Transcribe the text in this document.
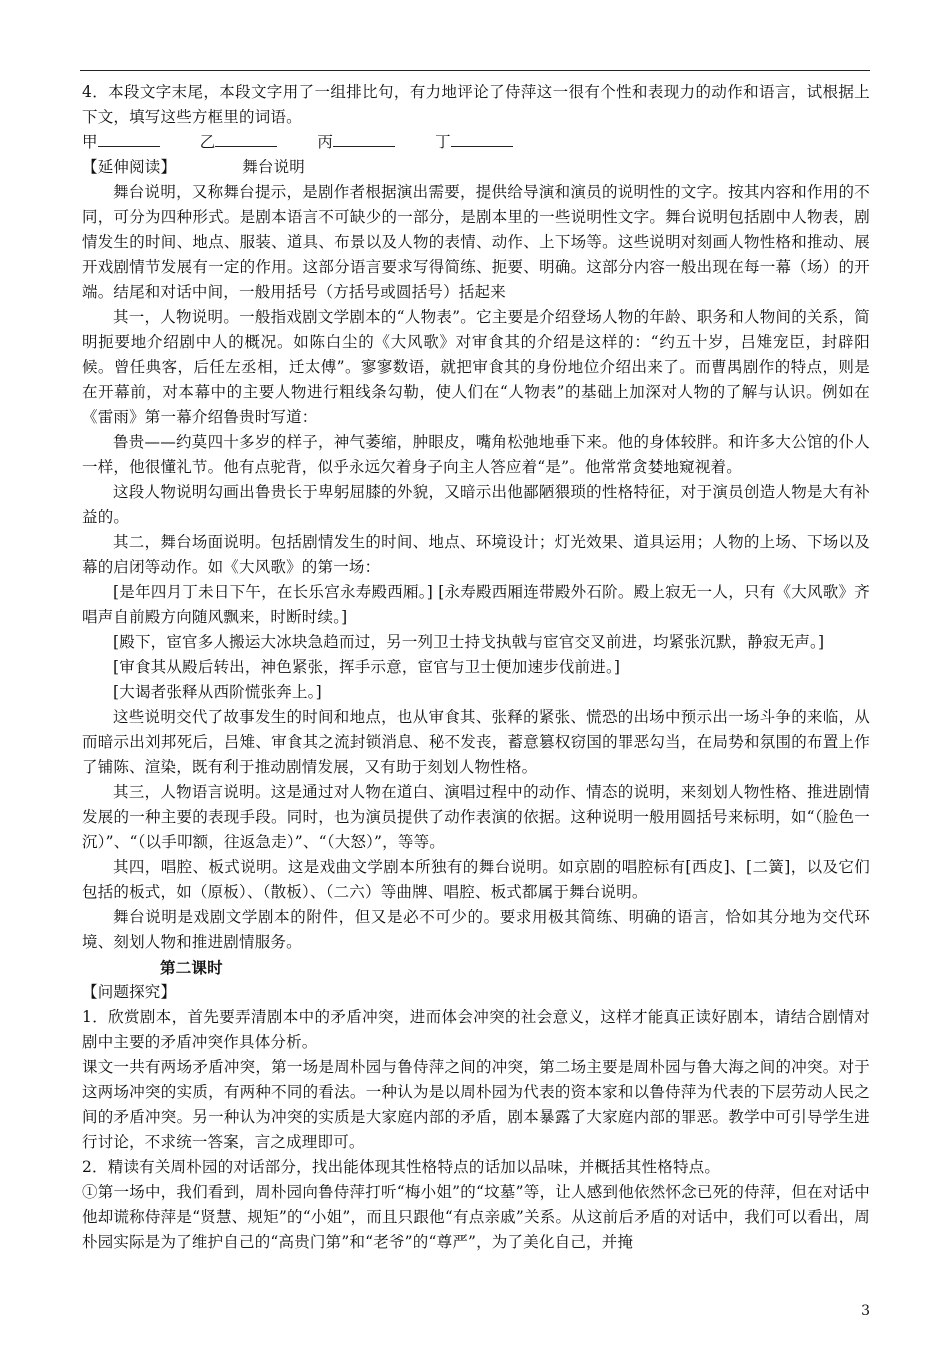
4．本段文字末尾，本段文字用了一组排比句，有力地评论了侍萍这一很有个性和表现力的动作和语言，试根据上下文，填写这些方框里的词语。

甲	乙	丙	丁

【延伸阅读】	舞台说明

舞台说明，又称舞台提示，是剧作者根据演出需要，提供给导演和演员的说明性的文字。按其内容和作用的不同，可分为四种形式。是剧本语言不可缺少的一部分，是剧本里的一些说明性文字。舞台说明包括剧中人物表，剧情发生的时间、地点、服装、道具、布景以及人物的表情、动作、上下场等。这些说明对刻画人物性格和推动、展开戏剧情节发展有一定的作用。这部分语言要求写得简练、扼要、明确。这部分内容一般出现在每一幕（场）的开端。结尾和对话中间，一般用括号（方括号或圆括号）括起来

其一，人物说明。一般指戏剧文学剧本的“人物表”。它主要是介绍登场人物的年龄、职务和人物间的关系，简明扼要地介绍剧中人的概况。如陈白尘的《大风歌》对审食其的介绍是这样的：“约五十岁，吕雉宠臣，封辟阳候。曾任典客，后任左丞相，迁太傅”。寥寥数语，就把审食其的身份地位介绍出来了。而曹禺剧作的特点，则是在开幕前，对本幕中的主要人物进行粗线条勾勒，使人们在“人物表”的基础上加深对人物的了解与认识。例如在《雷雨》第一幕介绍鲁贵时写道：

鲁贵——约莫四十多岁的样子，神气萎缩，肿眼皮，嘴角松弛地垂下来。他的身体较胖。和许多大公馆的仆人一样，他很懂礼节。他有点驼背，似乎永远欠着身子向主人答应着“是”。他常常贪婪地窥视着。

这段人物说明勾画出鲁贵长于卑躬屈膝的外貌，又暗示出他鄙陋猥琐的性格特征，对于演员创造人物是大有补益的。

其二，舞台场面说明。包括剧情发生的时间、地点、环境设计；灯光效果、道具运用；人物的上场、下场以及幕的启闭等动作。如《大风歌》的第一场：

[是年四月丁未日下午，在长乐宫永寿殿西厢。] [永寿殿西厢连带殿外石阶。殿上寂无一人，只有《大风歌》齐唱声自前殿方向随风飘来，时断时续。]

[殿下，宦官多人搬运大冰块急趋而过，另一列卫士持戈执戟与宦官交叉前进，均紧张沉默，静寂无声。]

[审食其从殿后转出，神色紧张，挥手示意，宦官与卫士便加速步伐前进。]

[大谒者张释从西阶慌张奔上。]

这些说明交代了故事发生的时间和地点，也从审食其、张释的紧张、慌恐的出场中预示出一场斗争的来临，从而暗示出刘邦死后，吕雉、审食其之流封锁消息、秘不发丧，蓄意篡权窃国的罪恶勾当，在局势和氛围的布置上作了铺陈、渲染，既有利于推动剧情发展，又有助于刻划人物性格。

其三，人物语言说明。这是通过对人物在道白、演唱过程中的动作、情态的说明，来刻划人物性格、推进剧情发展的一种主要的表现手段。同时，也为演员提供了动作表演的依据。这种说明一般用圆括号来标明，如“（脸色一沉）”、“（以手叩额，往返急走）”、“（大怒）”，等等。

其四，唱腔、板式说明。这是戏曲文学剧本所独有的舞台说明。如京剧的唱腔标有[西皮]、[二簧]，以及它们包括的板式，如（原板）、（散板）、（二六）等曲牌、唱腔、板式都属于舞台说明。

舞台说明是戏剧文学剧本的附件，但又是必不可少的。要求用极其简练、明确的语言，恰如其分地为交代环境、刻划人物和推进剧情服务。

第二课时

【问题探究】

1．欣赏剧本，首先要弄清剧本中的矛盾冲突，进而体会冲突的社会意义，这样才能真正读好剧本，请结合剧情对剧中主要的矛盾冲突作具体分析。

课文一共有两场矛盾冲突，第一场是周朴园与鲁侍萍之间的冲突，第二场主要是周朴园与鲁大海之间的冲突。对于这两场冲突的实质，有两种不同的看法。一种认为是以周朴园为代表的资本家和以鲁侍萍为代表的下层劳动人民之间的矛盾冲突。另一种认为冲突的实质是大家庭内部的矛盾，剧本暴露了大家庭内部的罪恶。教学中可引导学生进行讨论，不求统一答案，言之成理即可。

2．精读有关周朴园的对话部分，找出能体现其性格特点的话加以品味，并概括其性格特点。

①第一场中，我们看到，周朴园向鲁侍萍打听“梅小姐”的“坟墓”等，让人感到他依然怀念已死的侍萍，但在对话中他却谎称侍萍是“贤慧、规矩”的“小姐”，而且只跟他“有点亲戚”关系。从这前后矛盾的对话中，我们可以看出，周朴园实际是为了维护自己的“高贵门第”和“老爷”的“尊严”，为了美化自己，并掩

3
